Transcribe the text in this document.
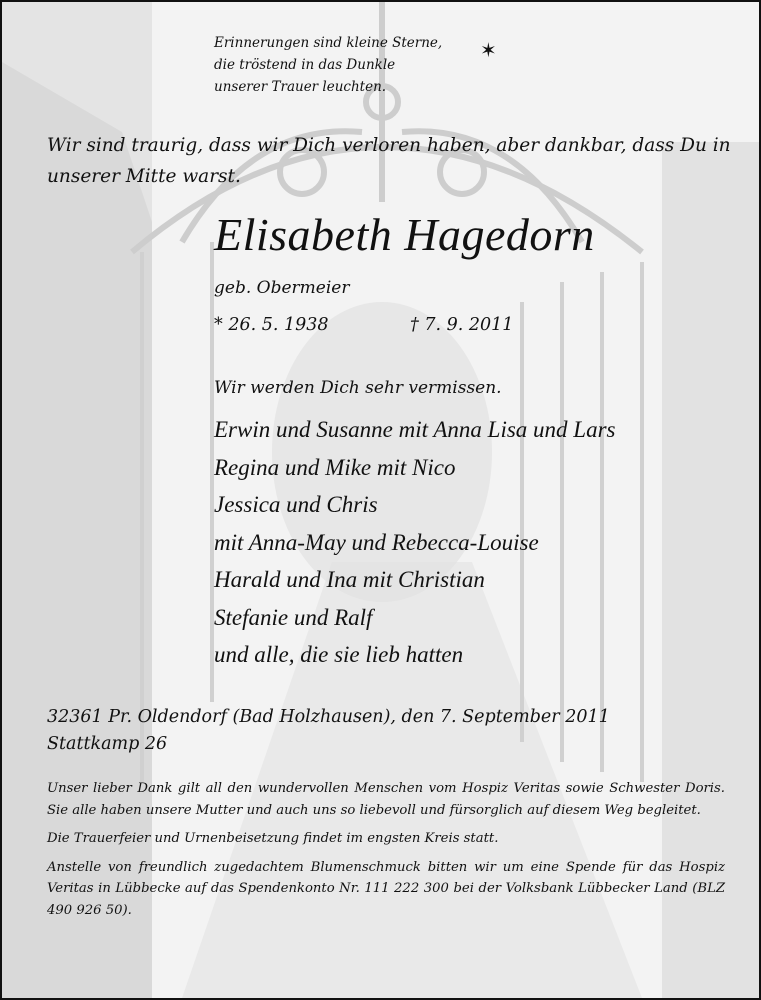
Erinnerungen sind kleine Sterne,
die tröstend in das Dunkle
unserer Trauer leuchten.
✶

Wir sind traurig, dass wir Dich verloren haben, aber dankbar, dass Du in unserer Mitte warst.

Elisabeth Hagedorn
geb. Obermeier
* 26. 5. 1938	† 7. 9. 2011
Wir werden Dich sehr vermissen.
Erwin und Susanne mit Anna Lisa und Lars
Regina und Mike mit Nico
Jessica und Chris
mit Anna-May und Rebecca-Louise
Harald und Ina mit Christian
Stefanie und Ralf
und alle, die sie lieb hatten
32361 Pr. Oldendorf (Bad Holzhausen), den 7. September 2011
Stattkamp 26

Unser lieber Dank gilt all den wundervollen Menschen vom Hospiz Veritas sowie Schwester Doris. Sie alle haben unsere Mutter und auch uns so liebevoll und fürsorglich auf diesem Weg begleitet.

Die Trauerfeier und Urnenbeisetzung findet im engsten Kreis statt.

Anstelle von freundlich zugedachtem Blumenschmuck bitten wir um eine Spende für das Hospiz Veritas in Lübbecke auf das Spendenkonto Nr. 111 222 300 bei der Volksbank Lübbecker Land (BLZ 490 926 50).
